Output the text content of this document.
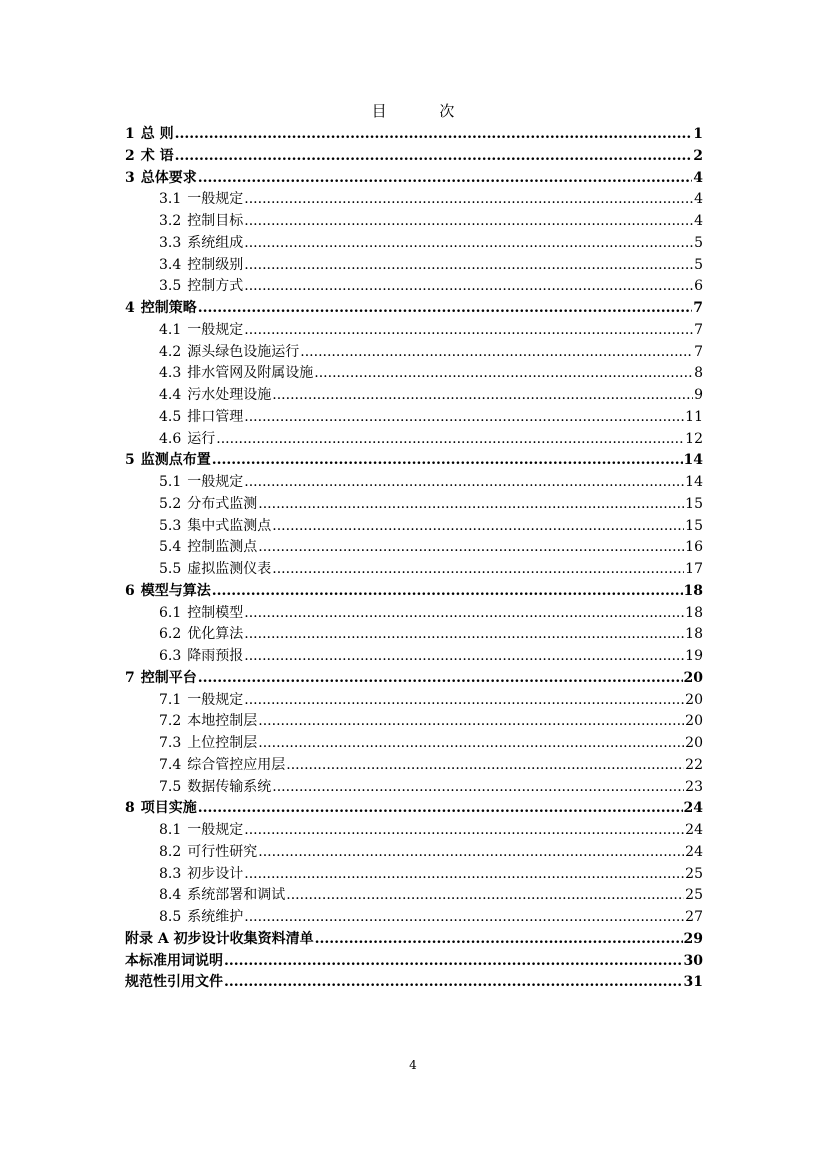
目 次
1 总 则 .....	1
2 术 语 .....	2
3 总体要求 .....	4
3.1 一般规定 .....	4
3.2 控制目标 .....	4
3.3 系统组成 .....	5
3.4 控制级别 .....	5
3.5 控制方式 .....	6
4 控制策略 .....	7
4.1 一般规定 .....	7
4.2 源头绿色设施运行 .....	7
4.3 排水管网及附属设施 .....	8
4.4 污水处理设施 .....	9
4.5 排口管理 .....	11
4.6 运行 .....	12
5 监测点布置 .....	14
5.1 一般规定 .....	14
5.2 分布式监测 .....	15
5.3 集中式监测点 .....	15
5.4 控制监测点 .....	16
5.5 虚拟监测仪表 .....	17
6 模型与算法 .....	18
6.1 控制模型 .....	18
6.2 优化算法 .....	18
6.3 降雨预报 .....	19
7 控制平台 .....	20
7.1 一般规定 .....	20
7.2 本地控制层 .....	20
7.3 上位控制层 .....	20
7.4 综合管控应用层 .....	22
7.5 数据传输系统 .....	23
8 项目实施 .....	24
8.1 一般规定 .....	24
8.2 可行性研究 .....	24
8.3 初步设计 .....	25
8.4 系统部署和调试 .....	25
8.5 系统维护 .....	27
附录 A 初步设计收集资料清单 .....	29
本标准用词说明 .....	30
规范性引用文件 .....	31
4
